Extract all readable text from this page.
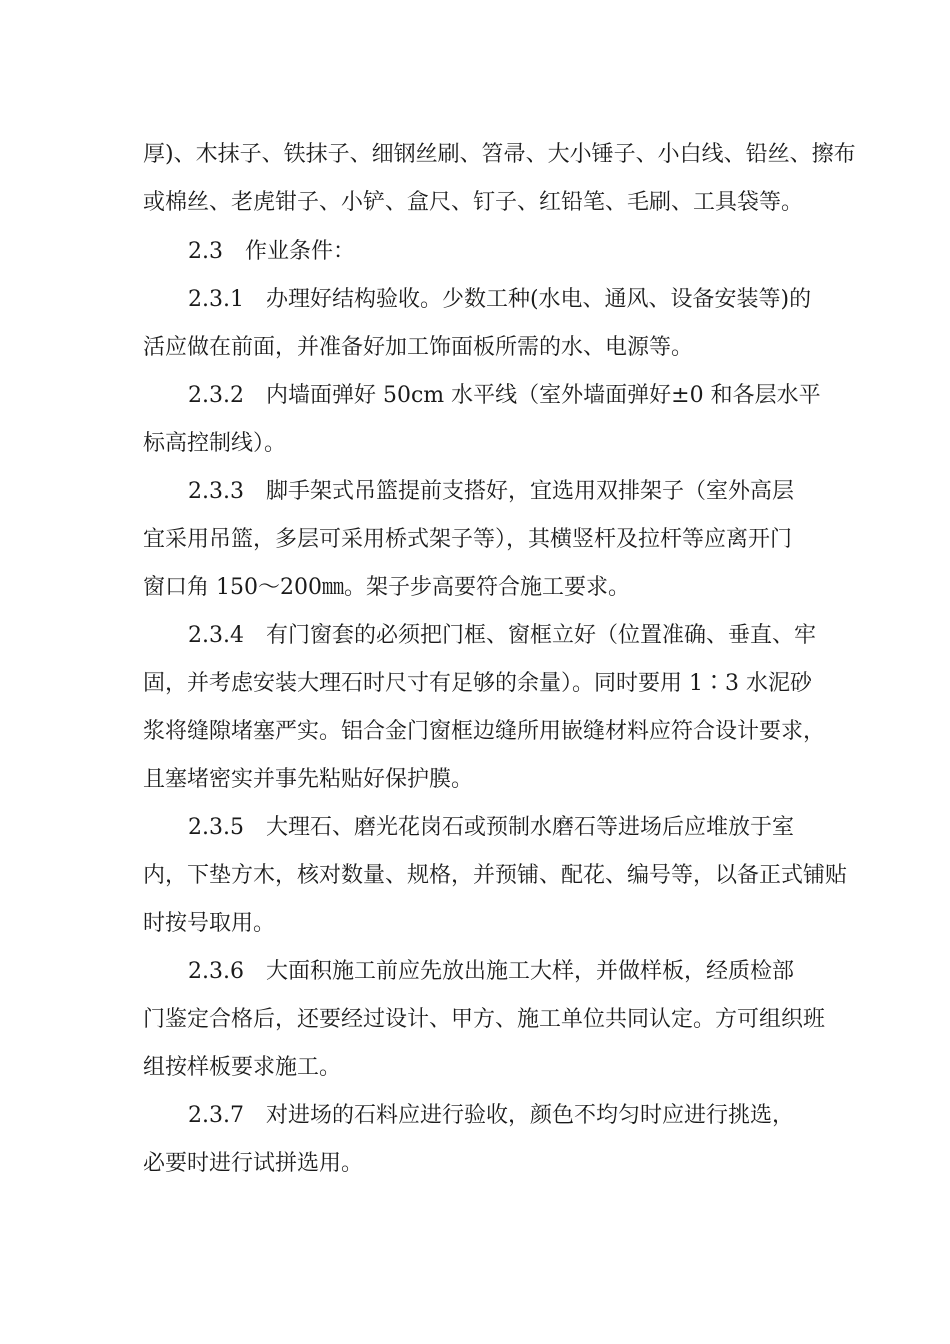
厚)、木抹子、铁抹子、细钢丝刷、笤帚、大小锤子、小白线、铅丝、擦布
或棉丝、老虎钳子、小铲、盒尺、钉子、红铅笔、毛刷、工具袋等。
2.3　作业条件：
2.3.1　办理好结构验收。少数工种(水电、通风、设备安装等)的
活应做在前面，并准备好加工饰面板所需的水、电源等。
2.3.2　内墙面弹好 50cm 水平线（室外墙面弹好±0 和各层水平
标高控制线）。
2.3.3　脚手架式吊篮提前支搭好，宜选用双排架子（室外高层
宜采用吊篮，多层可采用桥式架子等），其横竖杆及拉杆等应离开门
窗口角 150～200㎜。架子步高要符合施工要求。
2.3.4　有门窗套的必须把门框、窗框立好（位置准确、垂直、牢
固，并考虑安装大理石时尺寸有足够的余量）。同时要用 1∶3 水泥砂
浆将缝隙堵塞严实。铝合金门窗框边缝所用嵌缝材料应符合设计要求，
且塞堵密实并事先粘贴好保护膜。
2.3.5　大理石、磨光花岗石或预制水磨石等进场后应堆放于室
内，下垫方木，核对数量、规格，并预铺、配花、编号等，以备正式铺贴
时按号取用。
2.3.6　大面积施工前应先放出施工大样，并做样板，经质检部
门鉴定合格后，还要经过设计、甲方、施工单位共同认定。方可组织班
组按样板要求施工。
2.3.7　对进场的石料应进行验收，颜色不均匀时应进行挑选，
必要时进行试拼选用。
